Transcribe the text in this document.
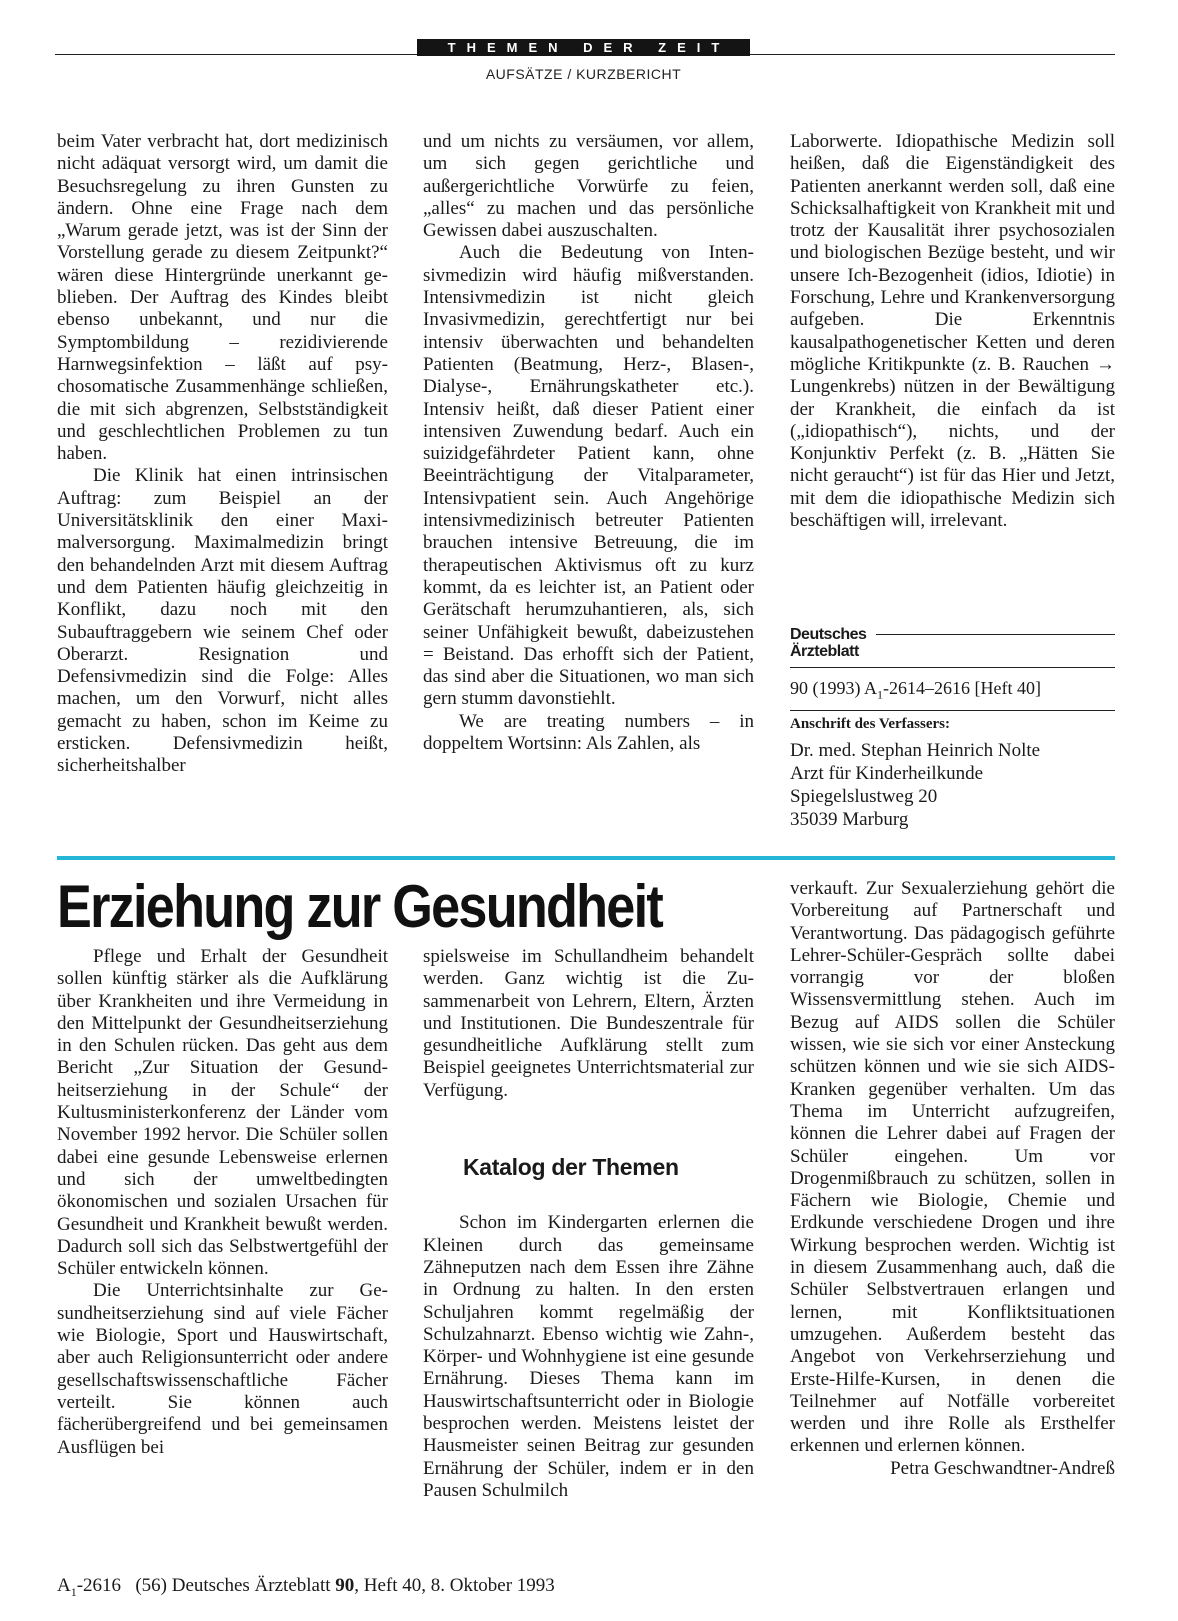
THEMEN DER ZEIT
AUFSÄTZE / KURZBERICHT

beim Vater verbracht hat, dort medizinisch nicht adäquat versorgt wird, um damit die Besuchsregelung zu ihren Gunsten zu ändern. Ohne eine Frage nach dem „Warum gerade jetzt, was ist der Sinn der Vorstellung gerade zu diesem Zeitpunkt?“ wären diese Hintergründe unerkannt geblieben. Der Auftrag des Kindes bleibt ebenso unbekannt, und nur die Symptombildung – rezidivierende Harnwegsinfektion – läßt auf psychosomatische Zusammenhänge schließen, die mit sich abgrenzen, Selbstständigkeit und geschlechtlichen Problemen zu tun haben.

Die Klinik hat einen intrinsischen Auftrag: zum Beispiel an der Universitätsklinik den einer Maximalversorgung. Maximalmedizin bringt den behandelnden Arzt mit diesem Auftrag und dem Patienten häufig gleichzeitig in Konflikt, dazu noch mit den Subauftraggebern wie seinem Chef oder Oberarzt. Resignation und Defensivmedizin sind die Folge: Alles machen, um den Vorwurf, nicht alles gemacht zu haben, schon im Keime zu ersticken. Defensivmedizin heißt, sicherheitshalber

und um nichts zu versäumen, vor allem, um sich gegen gerichtliche und außergerichtliche Vorwürfe zu feien, „alles“ zu machen und das persönliche Gewissen dabei auszuschalten.

Auch die Bedeutung von Intensivmedizin wird häufig mißverstanden. Intensivmedizin ist nicht gleich Invasivmedizin, gerechtfertigt nur bei intensiv überwachten und behandelten Patienten (Beatmung, Herz-, Blasen-, Dialyse-, Ernährungskatheter etc.). Intensiv heißt, daß dieser Patient einer intensiven Zuwendung bedarf. Auch ein suizidgefährdeter Patient kann, ohne Beeinträchtigung der Vitalparameter, Intensivpatient sein. Auch Angehörige intensivmedizinisch betreuter Patienten brauchen intensive Betreuung, die im therapeutischen Aktivismus oft zu kurz kommt, da es leichter ist, an Patient oder Gerätschaft herumzuhantieren, als, sich seiner Unfähigkeit bewußt, dabeizustehen = Beistand. Das erhofft sich der Patient, das sind aber die Situationen, wo man sich gern stumm davonstiehlt.

We are treating numbers – in doppeltem Wortsinn: Als Zahlen, als

Laborwerte. Idiopathische Medizin soll heißen, daß die Eigenständigkeit des Patienten anerkannt werden soll, daß eine Schicksalhaftigkeit von Krankheit mit und trotz der Kausalität ihrer psychosozialen und biologischen Bezüge besteht, und wir unsere Ich-Bezogenheit (idios, Idiotie) in Forschung, Lehre und Krankenversorgung aufgeben. Die Erkenntnis kausalpathogenetischer Ketten und deren mögliche Kritikpunkte (z. B. Rauchen → Lungenkrebs) nützen in der Bewältigung der Krankheit, die einfach da ist („idiopathisch“), nichts, und der Konjunktiv Perfekt (z. B. „Hätten Sie nicht geraucht“) ist für das Hier und Jetzt, mit dem die idiopathische Medizin sich beschäftigen will, irrelevant.

Deutsches
Ärzteblatt
90 (1993) $A_1-2614-2616$ [Heft 40]
Anschrift des Verfassers:
Dr. med. Stephan Heinrich Nolte
Arzt für Kinderheilkunde
Spiegelslustweg 20
35039 Marburg
Erziehung zur Gesundheit

Pflege und Erhalt der Gesundheit sollen künftig stärker als die Aufklärung über Krankheiten und ihre Vermeidung in den Mittelpunkt der Gesundheitserziehung in den Schulen rücken. Das geht aus dem Bericht „Zur Situation der Gesundheitserziehung in der Schule“ der Kultusministerkonferenz der Länder vom November 1992 hervor. Die Schüler sollen dabei eine gesunde Lebensweise erlernen und sich der umweltbedingten ökonomischen und sozialen Ursachen für Gesundheit und Krankheit bewußt werden. Dadurch soll sich das Selbstwertgefühl der Schüler entwickeln können.

Die Unterrichtsinhalte zur Gesundheitserziehung sind auf viele Fächer wie Biologie, Sport und Hauswirtschaft, aber auch Religionsunterricht oder andere gesellschaftswissenschaftliche Fächer verteilt. Sie können auch fächerübergreifend und bei gemeinsamen Ausflügen bei

spielsweise im Schullandheim behandelt werden. Ganz wichtig ist die Zusammenarbeit von Lehrern, Eltern, Ärzten und Institutionen. Die Bundeszentrale für gesundheitliche Aufklärung stellt zum Beispiel geeignetes Unterrichtsmaterial zur Verfügung.

Katalog der Themen

Schon im Kindergarten erlernen die Kleinen durch das gemeinsame Zähneputzen nach dem Essen ihre Zähne in Ordnung zu halten. In den ersten Schuljahren kommt regelmäßig der Schulzahnarzt. Ebenso wichtig wie Zahn-, Körper- und Wohnhygiene ist eine gesunde Ernährung. Dieses Thema kann im Hauswirtschaftsunterricht oder in Biologie besprochen werden. Meistens leistet der Hausmeister seinen Beitrag zur gesunden Ernährung der Schüler, indem er in den Pausen Schulmilch

verkauft. Zur Sexualerziehung gehört die Vorbereitung auf Partnerschaft und Verantwortung. Das pädagogisch geführte Lehrer-Schüler-Gespräch sollte dabei vorrangig vor der bloßen Wissensvermittlung stehen. Auch im Bezug auf AIDS sollen die Schüler wissen, wie sie sich vor einer Ansteckung schützen können und wie sie sich AIDS-Kranken gegenüber verhalten. Um das Thema im Unterricht aufzugreifen, können die Lehrer dabei auf Fragen der Schüler eingehen. Um vor Drogenmißbrauch zu schützen, sollen in Fächern wie Biologie, Chemie und Erdkunde verschiedene Drogen und ihre Wirkung besprochen werden. Wichtig ist in diesem Zusammenhang auch, daß die Schüler Selbstvertrauen erlangen und lernen, mit Konfliktsituationen umzugehen. Außerdem besteht das Angebot von Verkehrserziehung und Erste-Hilfe-Kursen, in denen die Teilnehmer auf Notfälle vorbereitet werden und ihre Rolle als Ersthelfer erkennen und erlernen können.

Petra Geschwandtner-Andreß

$A_1-2616$ (56) Deutsches Ärzteblatt 90, Heft 40, 8. Oktober 1993
